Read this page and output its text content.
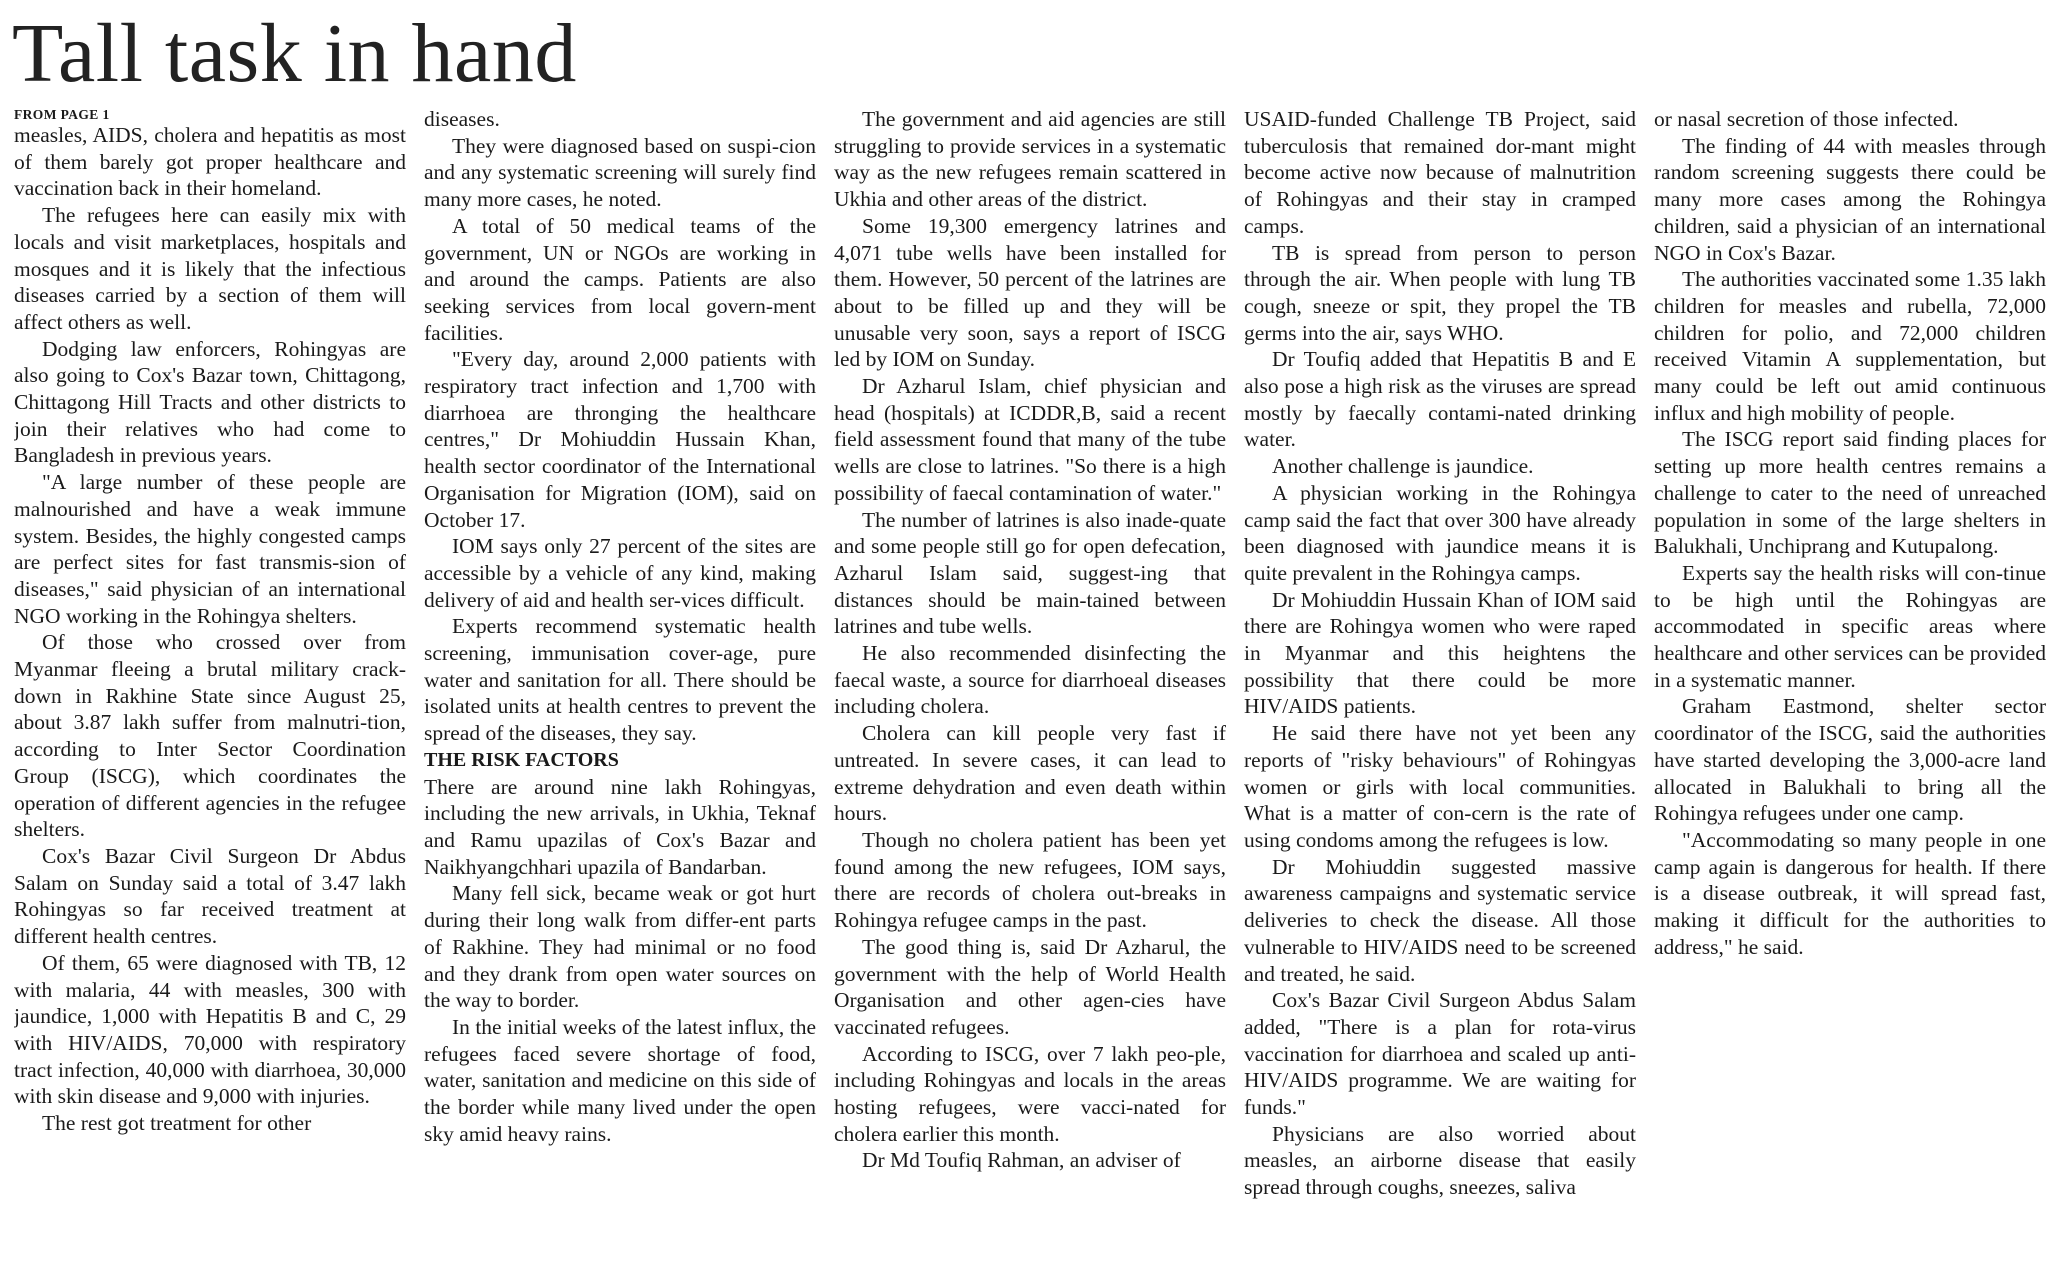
Tall task in hand
FROM PAGE 1

measles, AIDS, cholera and hepatitis as most of them barely got proper healthcare and vaccination back in their homeland.

The refugees here can easily mix with locals and visit marketplaces, hospitals and mosques and it is likely that the infectious diseases carried by a section of them will affect others as well.

Dodging law enforcers, Rohingyas are also going to Cox's Bazar town, Chittagong, Chittagong Hill Tracts and other districts to join their relatives who had come to Bangladesh in previous years.

"A large number of these people are malnourished and have a weak immune system. Besides, the highly congested camps are perfect sites for fast transmis-sion of diseases," said physician of an international NGO working in the Rohingya shelters.

Of those who crossed over from Myanmar fleeing a brutal military crack-down in Rakhine State since August 25, about 3.87 lakh suffer from malnutri-tion, according to Inter Sector Coordination Group (ISCG), which coordinates the operation of different agencies in the refugee shelters.

Cox's Bazar Civil Surgeon Dr Abdus Salam on Sunday said a total of 3.47 lakh Rohingyas so far received treatment at different health centres.

Of them, 65 were diagnosed with TB, 12 with malaria, 44 with measles, 300 with jaundice, 1,000 with Hepatitis B and C, 29 with HIV/AIDS, 70,000 with respiratory tract infection, 40,000 with diarrhoea, 30,000 with skin disease and 9,000 with injuries.

The rest got treatment for other

diseases.

They were diagnosed based on suspi-cion and any systematic screening will surely find many more cases, he noted.

A total of 50 medical teams of the government, UN or NGOs are working in and around the camps. Patients are also seeking services from local govern-ment facilities.

"Every day, around 2,000 patients with respiratory tract infection and 1,700 with diarrhoea are thronging the healthcare centres," Dr Mohiuddin Hussain Khan, health sector coordinator of the International Organisation for Migration (IOM), said on October 17.

IOM says only 27 percent of the sites are accessible by a vehicle of any kind, making delivery of aid and health ser-vices difficult.

Experts recommend systematic health screening, immunisation cover-age, pure water and sanitation for all. There should be isolated units at health centres to prevent the spread of the diseases, they say.

THE RISK FACTORS

There are around nine lakh Rohingyas, including the new arrivals, in Ukhia, Teknaf and Ramu upazilas of Cox's Bazar and Naikhyangchhari upazila of Bandarban.

Many fell sick, became weak or got hurt during their long walk from differ-ent parts of Rakhine. They had minimal or no food and they drank from open water sources on the way to border.

In the initial weeks of the latest influx, the refugees faced severe shortage of food, water, sanitation and medicine on this side of the border while many lived under the open sky amid heavy rains.

The government and aid agencies are still struggling to provide services in a systematic way as the new refugees remain scattered in Ukhia and other areas of the district.

Some 19,300 emergency latrines and 4,071 tube wells have been installed for them. However, 50 percent of the latrines are about to be filled up and they will be unusable very soon, says a report of ISCG led by IOM on Sunday.

Dr Azharul Islam, chief physician and head (hospitals) at ICDDR,B, said a recent field assessment found that many of the tube wells are close to latrines. "So there is a high possibility of faecal contamination of water."

The number of latrines is also inade-quate and some people still go for open defecation, Azharul Islam said, suggest-ing that distances should be main-tained between latrines and tube wells.

He also recommended disinfecting the faecal waste, a source for diarrhoeal diseases including cholera.

Cholera can kill people very fast if untreated. In severe cases, it can lead to extreme dehydration and even death within hours.

Though no cholera patient has been yet found among the new refugees, IOM says, there are records of cholera out-breaks in Rohingya refugee camps in the past.

The good thing is, said Dr Azharul, the government with the help of World Health Organisation and other agen-cies have vaccinated refugees.

According to ISCG, over 7 lakh peo-ple, including Rohingyas and locals in the areas hosting refugees, were vacci-nated for cholera earlier this month.

Dr Md Toufiq Rahman, an adviser of

USAID-funded Challenge TB Project, said tuberculosis that remained dor-mant might become active now because of malnutrition of Rohingyas and their stay in cramped camps.

TB is spread from person to person through the air. When people with lung TB cough, sneeze or spit, they propel the TB germs into the air, says WHO.

Dr Toufiq added that Hepatitis B and E also pose a high risk as the viruses are spread mostly by faecally contami-nated drinking water.

Another challenge is jaundice.

A physician working in the Rohingya camp said the fact that over 300 have already been diagnosed with jaundice means it is quite prevalent in the Rohingya camps.

Dr Mohiuddin Hussain Khan of IOM said there are Rohingya women who were raped in Myanmar and this heightens the possibility that there could be more HIV/AIDS patients.

He said there have not yet been any reports of "risky behaviours" of Rohingyas women or girls with local communities. What is a matter of con-cern is the rate of using condoms among the refugees is low.

Dr Mohiuddin suggested massive awareness campaigns and systematic service deliveries to check the disease. All those vulnerable to HIV/AIDS need to be screened and treated, he said.

Cox's Bazar Civil Surgeon Abdus Salam added, "There is a plan for rota-virus vaccination for diarrhoea and scaled up anti-HIV/AIDS programme. We are waiting for funds."

Physicians are also worried about measles, an airborne disease that easily spread through coughs, sneezes, saliva

or nasal secretion of those infected.

The finding of 44 with measles through random screening suggests there could be many more cases among the Rohingya children, said a physician of an international NGO in Cox's Bazar.

The authorities vaccinated some 1.35 lakh children for measles and rubella, 72,000 children for polio, and 72,000 children received Vitamin A supplementation, but many could be left out amid continuous influx and high mobility of people.

The ISCG report said finding places for setting up more health centres remains a challenge to cater to the need of unreached population in some of the large shelters in Balukhali, Unchiprang and Kutupalong.

Experts say the health risks will con-tinue to be high until the Rohingyas are accommodated in specific areas where healthcare and other services can be provided in a systematic manner.

Graham Eastmond, shelter sector coordinator of the ISCG, said the authorities have started developing the 3,000-acre land allocated in Balukhali to bring all the Rohingya refugees under one camp.

"Accommodating so many people in one camp again is dangerous for health. If there is a disease outbreak, it will spread fast, making it difficult for the authorities to address," he said.
